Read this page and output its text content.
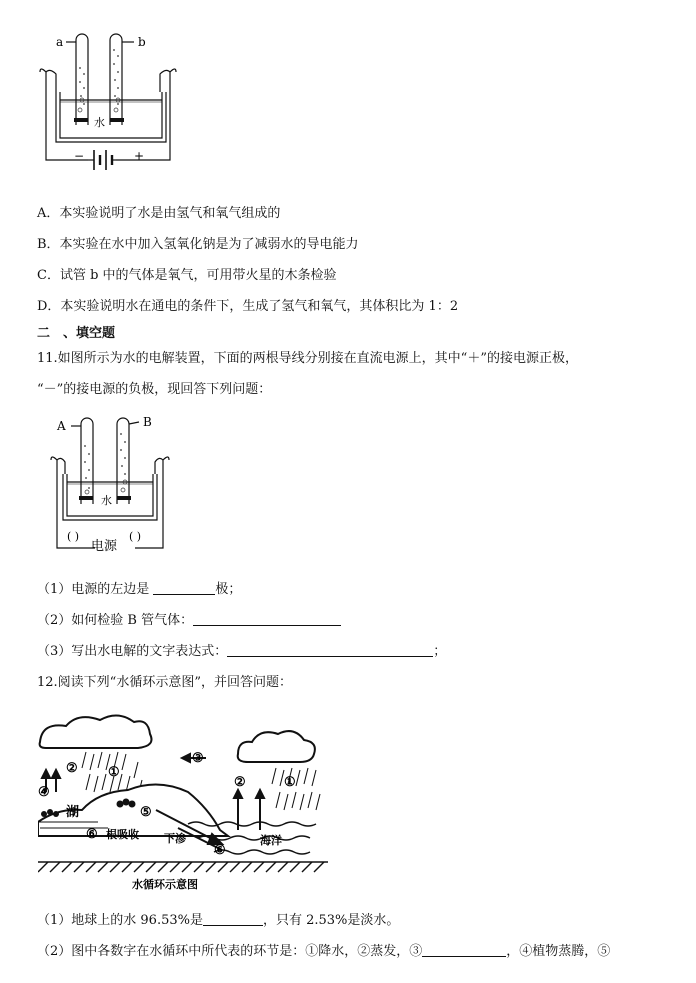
a	b
水
−	+
A．本实验说明了水是由氢气和氧气组成的
B．本实验在水中加入氢氧化钠是为了减弱水的导电能力
C．试管 b 中的气体是氧气，可用带火星的木条检验
D．本实验说明水在通电的条件下，生成了氢气和氧气，其体积比为 1：2
二　、填空题
11.如图所示为水的电解装置，下面的两根导线分别接在直流电源上，其中“＋”的接电源正极，
“－”的接电源的负极，现回答下列问题：
A	B
水
( )
电源
( )
（1）电源的左边是	极；
（2）如何检验 B 管气体：
（3）写出水电解的文字表达式：	；
12.阅读下列“水循环示意图”，并回答问题：
② ①
③
④
⑤
⑥
⑥
②	①
湖
根吸收 下渗	海洋
水循环示意图
（1）地球上的水 96.53%是	，只有 2.53%是淡水。
（2）图中各数字在水循环中所代表的环节是：①降水，②蒸发，③	，④植物蒸腾，⑤
